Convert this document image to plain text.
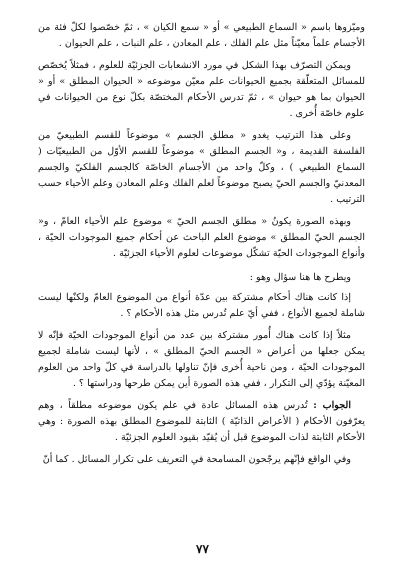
وميّزوها باسم « السماع الطبيعي » أو « سمع الكيان » ، ثمّ خصّصوا لكلّ فئة من الأجسام علماً معيّناً مثل علم الفلك ، علم المعادن ، علم النبات ، علم الحيوان .

ويمكن التصرّف بهذا الشكل في مورد الانشعابات الجزئيّة للعلوم ، فمثلاً يُخصّص للمسائل المتعلّقة بجميع الحيوانات علم معيّن موضوعه « الحيوان المطلق » أو « الحيوان بما هو حيوان » ، ثمّ تدرس الأحكام المختصّة بكلّ نوع من الحيوانات في علوم خاصّة أُخرى .

وعلى هذا الترتيب يغدو « مطلق الجسم » موضوعاً للقسم الطبيعيّ من الفلسفة القديمة ، و« الجسم المطلق » موضوعاً للقسم الأوّل من الطبيعيّات ( السماع الطبيعي ) ، وكلّ واحد من الأجسام الخاصّة كالجسم الفلكيّ والجسم المعدنيّ والجسم الحيّ يصبح موضوعاً لعلم الفلك وعلم المعادن وعلم الأحياء حسب الترتيب .

وبهذه الصورة يكونُ « مطلق الجسم الحيّ » موضوع علم الأحياء العامّ ، و« الجسم الحيّ المطلق » موضوع العلم الباحث عن أحكام جميع الموجودات الحيّة ، وأنواع الموجودات الحيّة تشكّل موضوعات لعلوم الأحياء الجزئيّة .

ويطرح ها هنا سؤال وهو :

إذا كانت هناك أحكام مشتركة بين عدّة أنواع من الموضوع العامّ ولكنّها ليست شاملة لجميع الأنواع ، ففي أيّ علم تُدرس مثل هذه الأحكام ؟ .

مثلاً إذا كانت هناك أُمور مشتركة بين عدد من أنواع الموجودات الحيّة فإنّه لا يمكن جعلها من أعراض « الجسم الحيّ المطلق » ، لأنها ليست شاملة لجميع الموجودات الحيّة ، ومن ناحية أُخرى فإنّ تناولها بالدراسة في كلّ واحد من العلوم المعيّنة يؤدّي إلى التكرار ، ففي هذه الصورة أين يمكن طرحها ودراستها ؟ .

الجواب : تُدرس هذه المسائل عادة في علم يكون موضوعه مطلقاً ، وهم يعرّفون الأحكام ( الأعراض الذاتيّة ) الثابتة للموضوع المطلق بهذه الصورة : وهي الأحكام الثابتة لذات الموضوع قبل أن يُقيّد بقيود العلوم الجزئيّة .

وفي الواقع فإنّهم يرجّحون المسامحة في التعريف على تكرار المسائل . كما أنّ

٧٧
